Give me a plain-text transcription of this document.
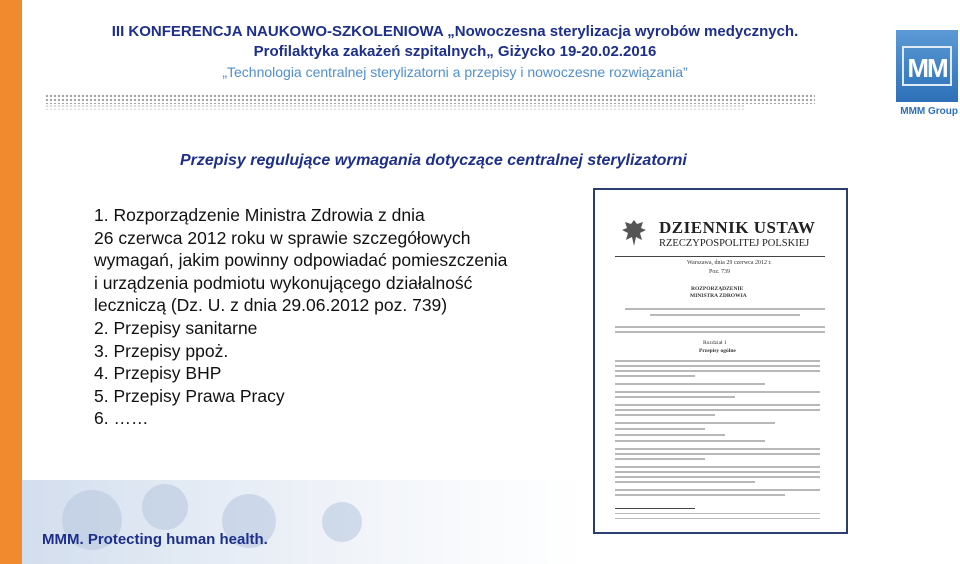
III KONFERENCJA NAUKOWO-SZKOLENIOWA „Nowoczesna sterylizacja wyrobów medycznych.
Profilaktyka zakażeń szpitalnych„ Giżycko 19-20.02.2016
„Technologia centralnej sterylizatorni a przepisy i nowoczesne rozwiązania”	MM
MMM Group
Przepisy regulujące wymagania dotyczące centralnej sterylizatorni

1. Rozporządzenie Ministra Zdrowia z dnia

26 czerwca 2012 roku w sprawie szczegółowych

wymagań, jakim powinny odpowiadać pomieszczenia

i urządzenia podmiotu wykonującego działalność

leczniczą (Dz. U. z dnia 29.06.2012 poz. 739)

2. Przepisy sanitarne

3. Przepisy ppoż.

4. Przepisy BHP

5. Przepisy Prawa Pracy

6. ……

DZIENNIK USTAW
RZECZYPOSPOLITEJ POLSKIEJ
Warszawa, dnia 29 czerwca 2012 r.
Poz. 739
ROZPORZĄDZENIE
MINISTRA ZDROWIA
Rozdział 1
Przepisy ogólne
MMM. Protecting human health.
